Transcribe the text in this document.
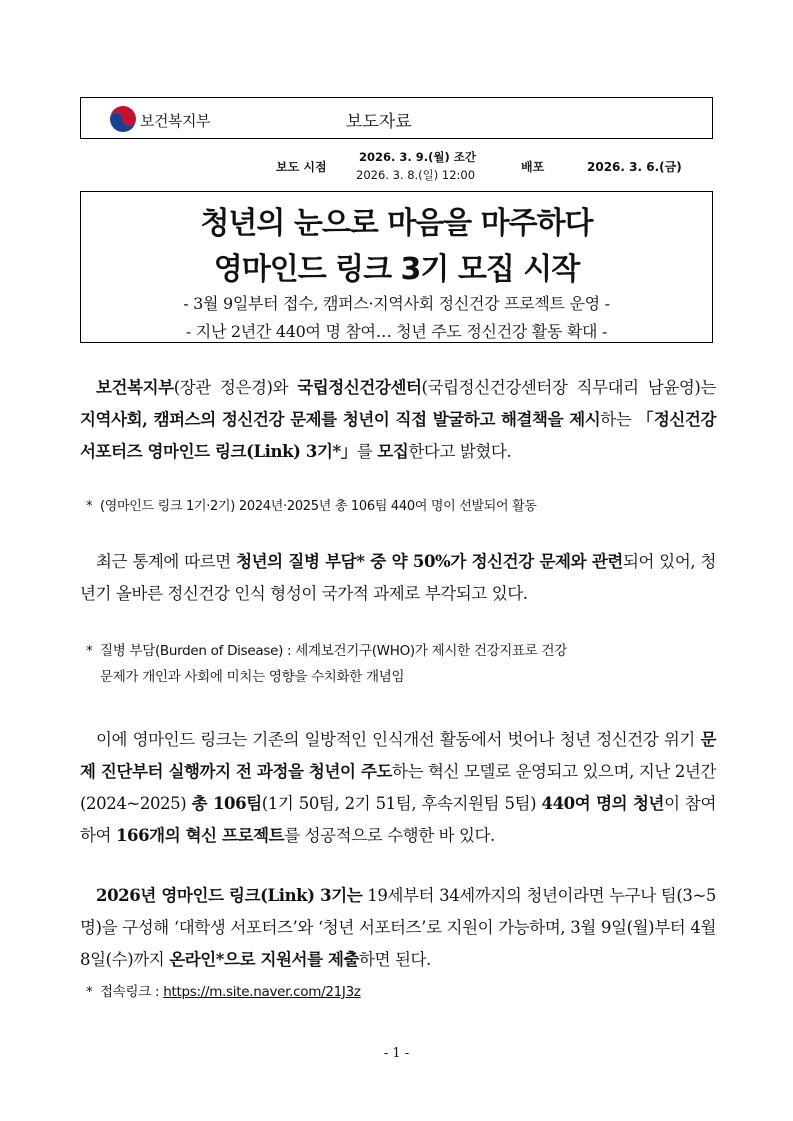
보건복지부	보도자료
보도 시점
2026. 3. 9.(월) 조간
2026. 3. 8.(일) 12:00
배포	2026. 3. 6.(금)
청년의 눈으로 마음을 마주하다
영마인드 링크 3기 모집 시작
- 3월 9일부터 접수, 캠퍼스·지역사회 정신건강 프로젝트 운영 -
- 지난 2년간 440여 명 참여… 청년 주도 정신건강 활동 확대 -
보건복지부(장관 정은경)와 국립정신건강센터(국립정신건강센터장 직무대리 남윤영)는 지역사회, 캠퍼스의 정신건강 문제를 청년이 직접 발굴하고 해결책을 제시하는 「정신건강 서포터즈 영마인드 링크(Link) 3기*」를 모집한다고 밝혔다.
* (영마인드 링크 1기·2기) 2024년·2025년 총 106팀 440여 명이 선발되어 활동
최근 통계에 따르면 청년의 질병 부담* 중 약 50%가 정신건강 문제와 관련되어 있어, 청년기 올바른 정신건강 인식 형성이 국가적 과제로 부각되고 있다.
* 질병 부담(Burden of Disease) : 세계보건기구(WHO)가 제시한 건강지표로 건강
문제가 개인과 사회에 미치는 영향을 수치화한 개념임
이에 영마인드 링크는 기존의 일방적인 인식개선 활동에서 벗어나 청년 정신건강 위기 문제 진단부터 실행까지 전 과정을 청년이 주도하는 혁신 모델로 운영되고 있으며, 지난 2년간(2024~2025) 총 106팀(1기 50팀, 2기 51팀, 후속지원팀 5팀) 440여 명의 청년이 참여하여 166개의 혁신 프로젝트를 성공적으로 수행한 바 있다.
2026년 영마인드 링크(Link) 3기는 19세부터 34세까지의 청년이라면 누구나 팀(3~5명)을 구성해 ‘대학생 서포터즈’와 ‘청년 서포터즈’로 지원이 가능하며, 3월 9일(월)부터 4월 8일(수)까지 온라인*으로 지원서를 제출하면 된다.
* 접속링크 : https://m.site.naver.com/21J3z
- 1 -
